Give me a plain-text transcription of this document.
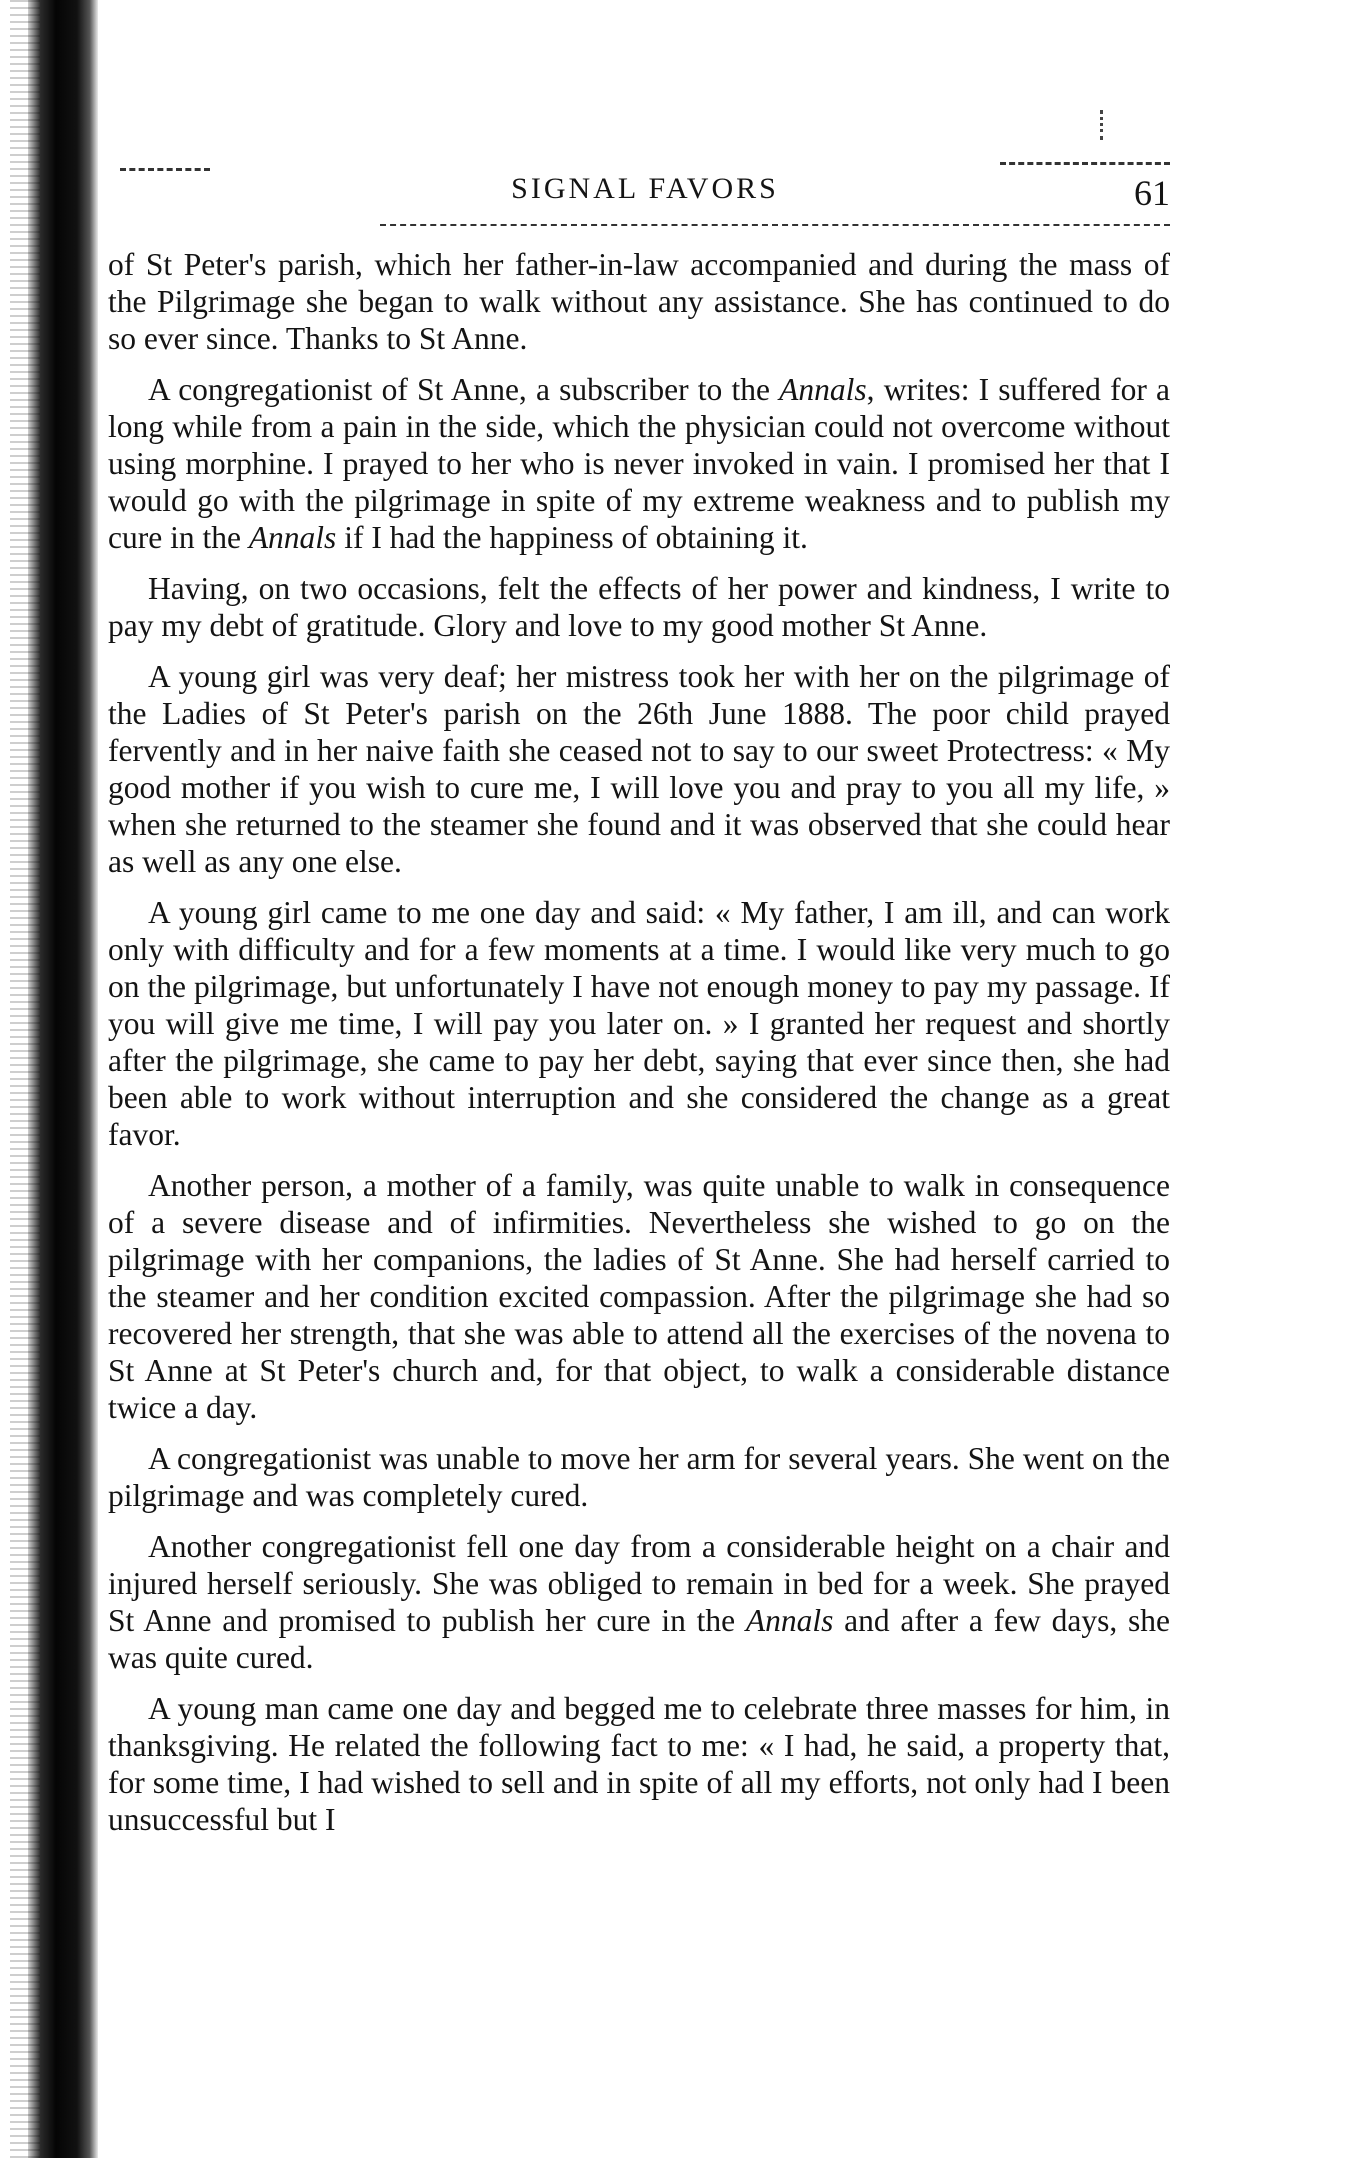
SIGNAL FAVORS	61

of St Peter's parish, which her father-in-law accompanied and during the mass of the Pilgrimage she began to walk without any assistance. She has continued to do so ever since. Thanks to St Anne.

A congregationist of St Anne, a subscriber to the Annals, writes: I suffered for a long while from a pain in the side, which the physician could not overcome without using morphine. I prayed to her who is never invoked in vain. I promised her that I would go with the pilgrimage in spite of my extreme weakness and to publish my cure in the Annals if I had the happiness of obtaining it.

Having, on two occasions, felt the effects of her power and kindness, I write to pay my debt of gratitude. Glory and love to my good mother St Anne.

A young girl was very deaf; her mistress took her with her on the pilgrimage of the Ladies of St Peter's parish on the 26th June 1888. The poor child prayed fervently and in her naive faith she ceased not to say to our sweet Protectress: « My good mother if you wish to cure me, I will love you and pray to you all my life, » when she returned to the steamer she found and it was observed that she could hear as well as any one else.

A young girl came to me one day and said: « My father, I am ill, and can work only with difficulty and for a few moments at a time. I would like very much to go on the pilgrimage, but unfortunately I have not enough money to pay my passage. If you will give me time, I will pay you later on. » I granted her request and shortly after the pilgrimage, she came to pay her debt, saying that ever since then, she had been able to work without interruption and she considered the change as a great favor.

Another person, a mother of a family, was quite unable to walk in consequence of a severe disease and of infirmities. Nevertheless she wished to go on the pilgrimage with her companions, the ladies of St Anne. She had herself carried to the steamer and her condition excited compassion. After the pilgrimage she had so recovered her strength, that she was able to attend all the exercises of the novena to St Anne at St Peter's church and, for that object, to walk a considerable distance twice a day.

A congregationist was unable to move her arm for several years. She went on the pilgrimage and was completely cured.

Another congregationist fell one day from a considerable height on a chair and injured herself seriously. She was obliged to remain in bed for a week. She prayed St Anne and promised to publish her cure in the Annals and after a few days, she was quite cured.

A young man came one day and begged me to celebrate three masses for him, in thanksgiving. He related the following fact to me: « I had, he said, a property that, for some time, I had wished to sell and in spite of all my efforts, not only had I been unsuccessful but I
